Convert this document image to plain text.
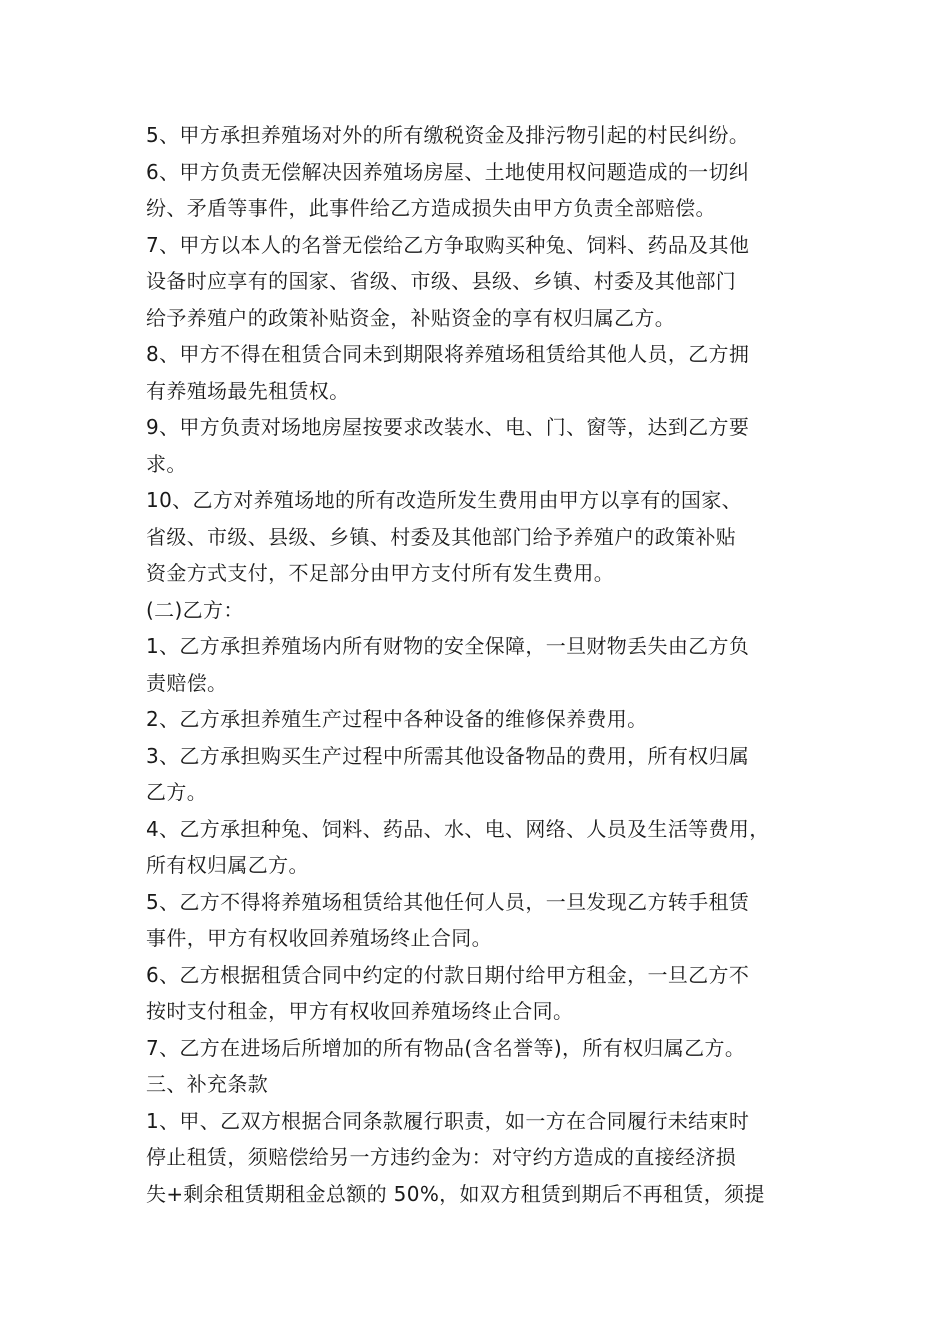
5、甲方承担养殖场对外的所有缴税资金及排污物引起的村民纠纷。
6、甲方负责无偿解决因养殖场房屋、土地使用权问题造成的一切纠
纷、矛盾等事件，此事件给乙方造成损失由甲方负责全部赔偿。
7、甲方以本人的名誉无偿给乙方争取购买种兔、饲料、药品及其他
设备时应享有的国家、省级、市级、县级、乡镇、村委及其他部门
给予养殖户的政策补贴资金，补贴资金的享有权归属乙方。
8、甲方不得在租赁合同未到期限将养殖场租赁给其他人员，乙方拥
有养殖场最先租赁权。
9、甲方负责对场地房屋按要求改装水、电、门、窗等，达到乙方要
求。
10、乙方对养殖场地的所有改造所发生费用由甲方以享有的国家、
省级、市级、县级、乡镇、村委及其他部门给予养殖户的政策补贴
资金方式支付，不足部分由甲方支付所有发生费用。
(二)乙方：
1、乙方承担养殖场内所有财物的安全保障，一旦财物丢失由乙方负
责赔偿。
2、乙方承担养殖生产过程中各种设备的维修保养费用。
3、乙方承担购买生产过程中所需其他设备物品的费用，所有权归属
乙方。
4、乙方承担种兔、饲料、药品、水、电、网络、人员及生活等费用，
所有权归属乙方。
5、乙方不得将养殖场租赁给其他任何人员，一旦发现乙方转手租赁
事件，甲方有权收回养殖场终止合同。
6、乙方根据租赁合同中约定的付款日期付给甲方租金，一旦乙方不
按时支付租金，甲方有权收回养殖场终止合同。
7、乙方在进场后所增加的所有物品(含名誉等)，所有权归属乙方。
三、补充条款
1、甲、乙双方根据合同条款履行职责，如一方在合同履行未结束时
停止租赁，须赔偿给另一方违约金为：对守约方造成的直接经济损
失+剩余租赁期租金总额的 50%，如双方租赁到期后不再租赁，须提
